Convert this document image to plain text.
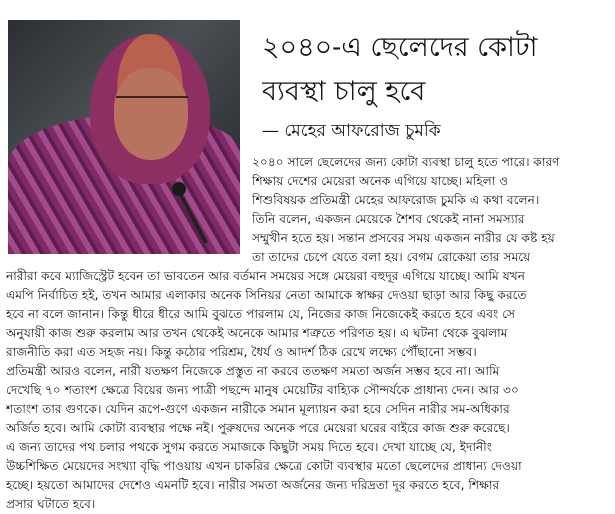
২০৪০-এ ছেলেদের কোটা
ব্যবস্থা চালু হবে
— মেহের আফরোজ চুমকি
২০৪০ সালে ছেলেদের জন্য কোটা ব্যবস্থা চালু হতে পারে। কারণ
শিক্ষায় দেশের মেয়েরা অনেক এগিয়ে যাচ্ছে। মহিলা ও
শিশুবিষয়ক প্রতিমন্ত্রী মেহের আফরোজ চুমকি এ কথা বলেন।
তিনি বলেন, একজন মেয়েকে শৈশব থেকেই নানা সমস্যার
সম্মুখীন হতে হয়। সন্তান প্রসবের সময় একজন নারীর যে কষ্ট হয়
তা তাদের চেপে যেতে বলা হয়। বেগম রোকেয়া তার সময়ে
নারীরা কবে ম্যাজিস্ট্রেট হবেন তা ভাবতেন আর বর্তমান সময়ের সঙ্গে মেয়েরা বহুদূর এগিয়ে যাচ্ছে। আমি যখন
এমপি নির্বাচিত হই, তখন আমার এলাকার অনেক সিনিয়র নেতা আমাকে স্বাক্ষর দেওয়া ছাড়া আর কিছু করতে
হবে না বলে জানান। কিন্তু ধীরে ধীরে আমি বুঝতে পারলাম যে, নিজের কাজ নিজেকেই করতে হবে এবং সে
অনুযায়ী কাজ শুরু করলাম আর তখন থেকেই অনেকে আমার শত্রুতে পরিণত হয়। এ ঘটনা থেকে বুঝলাম
রাজনীতি করা এত সহজ নয়। কিন্তু কঠোর পরিশ্রম, ধৈর্য ও আদর্শ ঠিক রেখে লক্ষ্যে পৌঁছানো সম্ভব।
প্রতিমন্ত্রী আরও বলেন, নারী যতক্ষণ নিজেকে প্রস্তুত না করবে ততক্ষণ সমতা অর্জন সম্ভব হবে না। আমি
দেখেছি ৭০ শতাংশ ক্ষেত্রে বিয়ের জন্য পাত্রী পছন্দে মানুষ মেয়েটির বাহ্যিক সৌন্দর্যকে প্রাধান্য দেন। আর ৩০
শতাংশ তার গুণকে। যেদিন রূপে-গুণে একজন নারীকে সমান মূল্যায়ন করা হবে সেদিন নারীর সম-অধিকার
অর্জিত হবে। আমি কোটা ব্যবস্থার পক্ষে নই। পুরুষদের অনেক পরে মেয়েরা ঘরের বাইরে কাজ শুরু করেছে।
এ জন্য তাদের পথ চলার পথকে সুগম করতে সমাজকে কিছুটা সময় দিতে হবে। দেখা যাচ্ছে যে, ইদানীং
উচ্চশিক্ষিত মেয়েদের সংখ্যা বৃদ্ধি পাওয়ায় এখন চাকরির ক্ষেত্রে কোটা ব্যবস্থার মতো ছেলেদের প্রাধান্য দেওয়া
হচ্ছে। হয়তো আমাদের দেশেও এমনটি হবে। নারীর সমতা অর্জনের জন্য দরিদ্রতা দূর করতে হবে, শিক্ষার
প্রসার ঘটাতে হবে।
